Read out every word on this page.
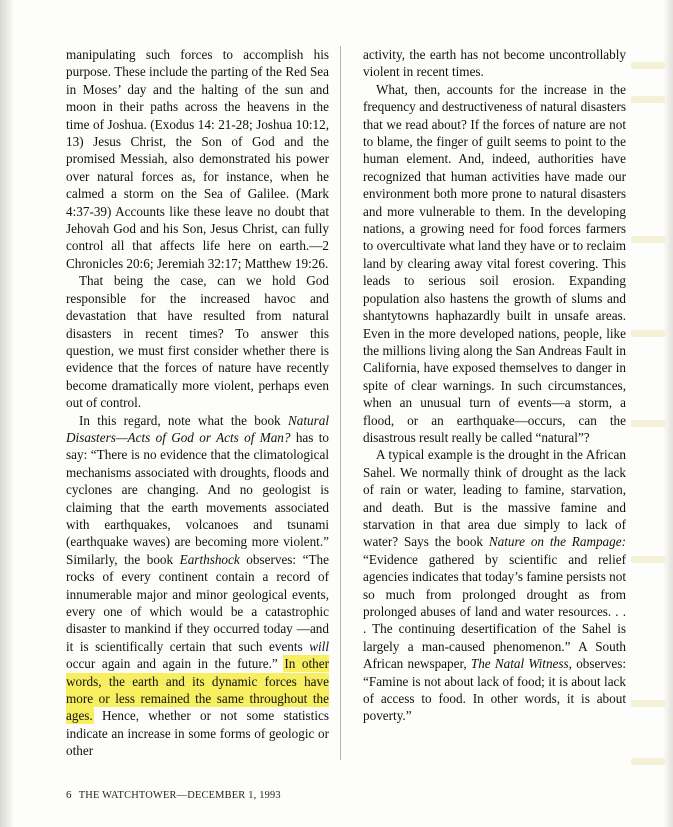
manipulating such forces to accomplish his purpose. These include the parting of the Red Sea in Moses’ day and the halting of the sun and moon in their paths across the heavens in the time of Joshua. (Exodus 14: 21-28; Joshua 10:12, 13) Jesus Christ, the Son of God and the promised Messiah, also demonstrated his power over natural forces as, for instance, when he calmed a storm on the Sea of Galilee. (Mark 4:37-39) Accounts like these leave no doubt that Jehovah God and his Son, Jesus Christ, can fully control all that affects life here on earth.—2 Chronicles 20:6; Jeremiah 32:17; Matthew 19:26.

That being the case, can we hold God responsible for the increased havoc and devastation that have resulted from natural disasters in recent times? To answer this question, we must first consider whether there is evidence that the forces of nature have recently become dramatically more violent, perhaps even out of control.

In this regard, note what the book Natural Disasters—Acts of God or Acts of Man? has to say: “There is no evidence that the climatological mechanisms associated with droughts, floods and cyclones are changing. And no geologist is claiming that the earth movements associated with earthquakes, volcanoes and tsunami (earthquake waves) are becoming more violent.” Similarly, the book Earthshock observes: “The rocks of every continent contain a record of innumerable major and minor geological events, every one of which would be a catastrophic disaster to mankind if they occurred today —and it is scientifically certain that such events will occur again and again in the future.” In other words, the earth and its dynamic forces have more or less remained the same throughout the ages. Hence, whether or not some statistics indicate an increase in some forms of geologic or other

activity, the earth has not become uncontrollably violent in recent times.

What, then, accounts for the increase in the frequency and destructiveness of natural disasters that we read about? If the forces of nature are not to blame, the finger of guilt seems to point to the human element. And, indeed, authorities have recognized that human activities have made our environment both more prone to natural disasters and more vulnerable to them. In the developing nations, a growing need for food forces farmers to overcultivate what land they have or to reclaim land by clearing away vital forest covering. This leads to serious soil erosion. Expanding population also hastens the growth of slums and shantytowns haphazardly built in unsafe areas. Even in the more developed nations, people, like the millions living along the San Andreas Fault in California, have exposed themselves to danger in spite of clear warnings. In such circumstances, when an unusual turn of events—a storm, a flood, or an earthquake—occurs, can the disastrous result really be called “natural”?

A typical example is the drought in the African Sahel. We normally think of drought as the lack of rain or water, leading to famine, starvation, and death. But is the massive famine and starvation in that area due simply to lack of water? Says the book Nature on the Rampage: “Evidence gathered by scientific and relief agencies indicates that today’s famine persists not so much from prolonged drought as from prolonged abuses of land and water resources. . . . The continuing desertification of the Sahel is largely a man-caused phenomenon.” A South African newspaper, The Natal Witness, observes: “Famine is not about lack of food; it is about lack of access to food. In other words, it is about poverty.”

6 THE WATCHTOWER—DECEMBER 1, 1993
